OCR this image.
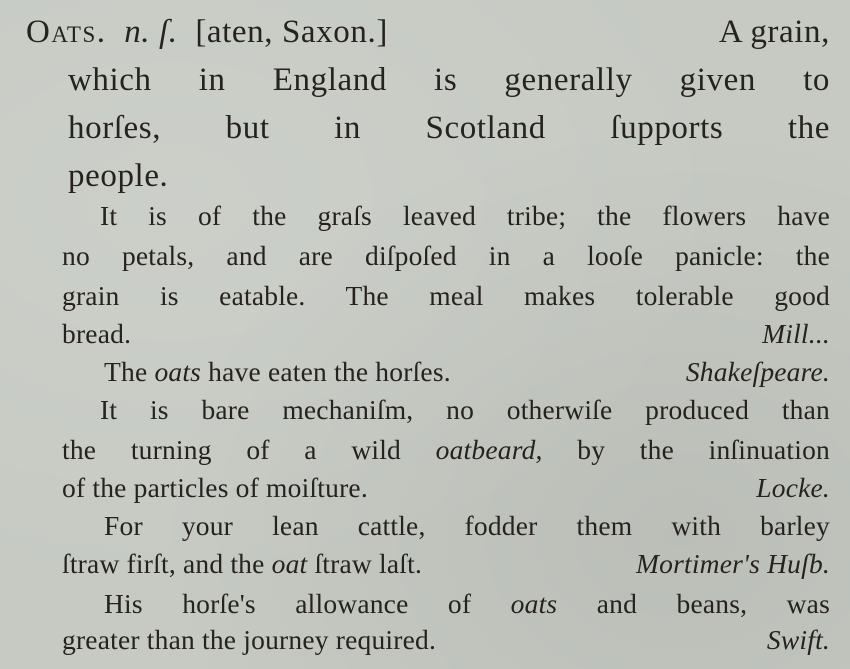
Oats. n. ſ. [aten, Saxon.]	A grain,
which in England is generally given to
horſes, but in Scotland ſupports the
people.
It is of the graſs leaved tribe; the flowers have
no petals, and are diſpoſed in a looſe panicle: the
grain is eatable. The meal makes tolerable good
bread.	Mill...
The oats have eaten the horſes.	Shakeſpeare.
It is bare mechaniſm, no otherwiſe produced than
the turning of a wild oatbeard, by the inſinuation
of the particles of moiſture.	Locke.
For your lean cattle, fodder them with barley
ſtraw firſt, and the oat ſtraw laſt.	Mortimer's Huſb.
His horſe's allowance of oats and beans, was
greater than the journey required.	Swift.
